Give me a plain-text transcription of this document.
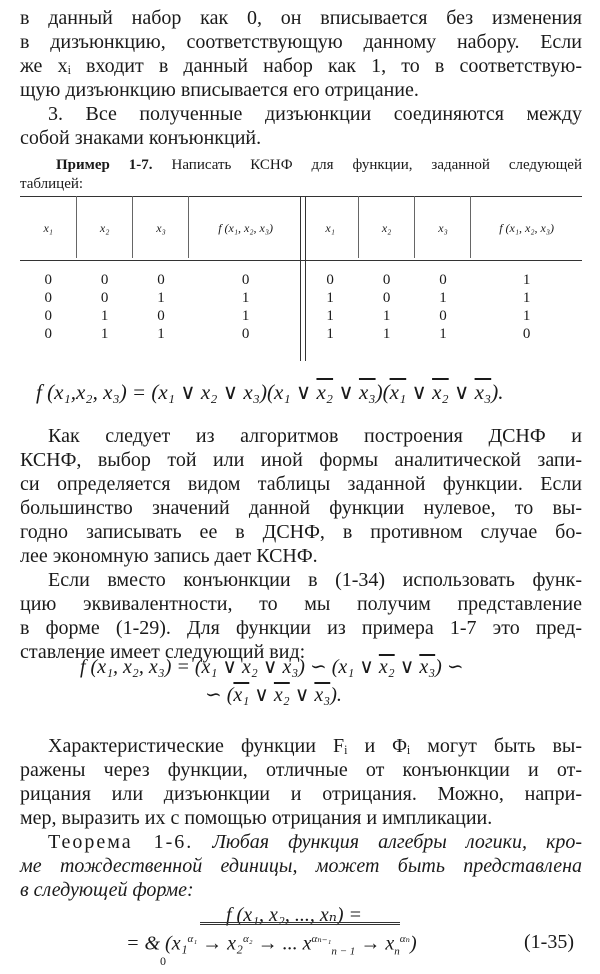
в данный набор как 0, он вписывается без изменения
в дизъюнкцию, соответствующую данному набору. Если
же xᵢ входит в данный набор как 1, то в соответствую-
щую дизъюнкцию вписывается его отрицание.

3. Все полученные дизъюнкции соединяются между
собой знаками конъюнкций.

Пример 1-7. Написать КСНФ для функции, заданной следующей
таблицей:

x₁	x₂	x₃	f (x₁, x₂, x₃)	x₁	x₂	x₃	f (x₁, x₂, x₃)

0	0	0	0	0	0	0	1
0	0	1	1	1	0	1	1
0	1	0	1	1	1	0	1
0	1	1	0	1	1	1	0
f (x₁,x₂, x₃) = (x₁ ∨ x₂ ∨ x₃)(x₁ ∨ x₂ ∨ x₃)(x₁ ∨ x₂ ∨ x₃).

Как следует из алгоритмов построения ДСНФ и
КСНФ, выбор той или иной формы аналитической запи-
си определяется видом таблицы заданной функции. Если
большинство значений данной функции нулевое, то вы-
годно записывать ее в ДСНФ, в противном случае бо-
лее экономную запись дает КСНФ.

Если вместо конъюнкции в (1-34) использовать функ-
цию эквивалентности, то мы получим представление
в форме (1-29). Для функции из примера 1-7 это пред-
ставление имеет следующий вид:

f (x₁, x₂, x₃) = (x₁ ∨ x₂ ∨ x₃) ∽ (x₁ ∨ x₂ ∨ x₃) ∽
∽ (x₁ ∨ x₂ ∨ x₃).

Характеристические функции Fᵢ и Φᵢ могут быть вы-
ражены через функции, отличные от конъюнкции и от-
рицания или дизъюнкции и отрицания. Можно, напри-
мер, выразить их с помощью отрицания и импликации.

Теорема 1-6. Любая функция алгебры логики, кро-
ме тождественной единицы, может быть представлена
в следующей форме:

f (x₁, x₂, ..., xₙ) =
= & (x₁$^{\alpha_1}$ → x₂$^{\alpha_2}$ → ... $x^{\alpha_{n-1}}_{n - 1} \to x_n^{\alpha_n}$)
0
(1-35)
